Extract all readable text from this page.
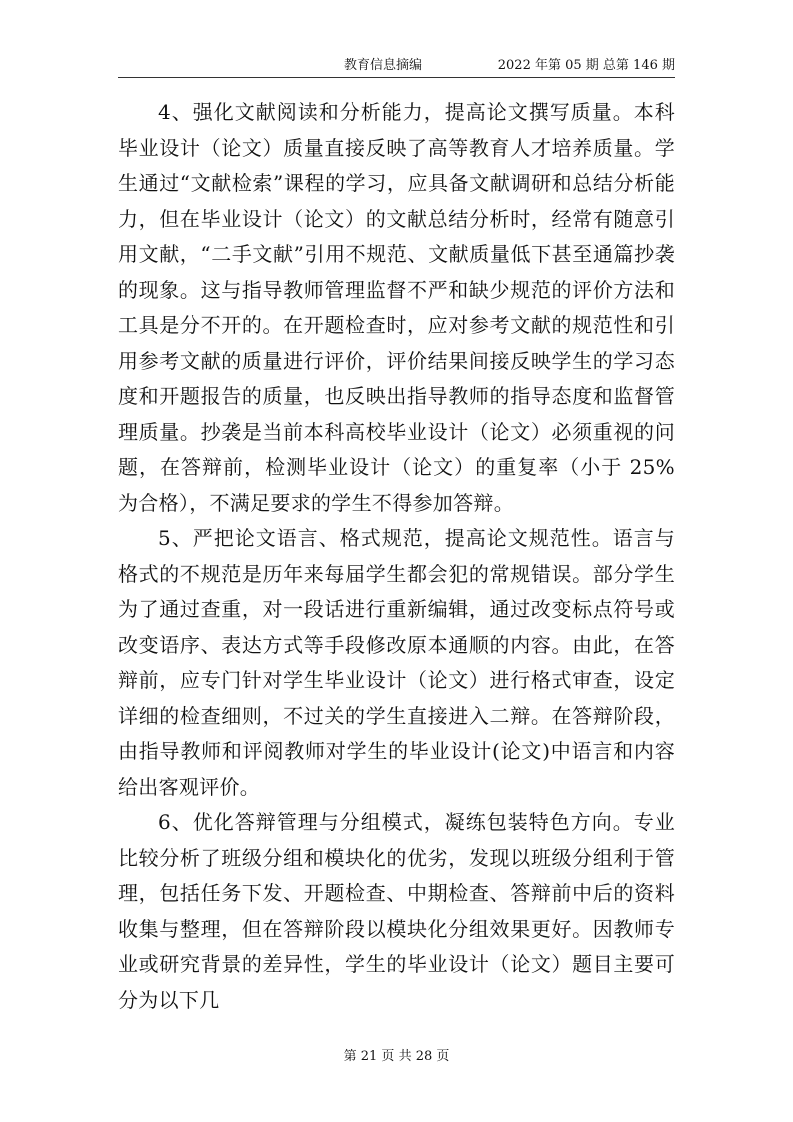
教育信息摘编	2022 年第 05 期 总第 146 期

4、强化文献阅读和分析能力，提高论文撰写质量。本科毕业设计（论文）质量直接反映了高等教育人才培养质量。学生通过“文献检索”课程的学习，应具备文献调研和总结分析能力，但在毕业设计（论文）的文献总结分析时，经常有随意引用文献，“二手文献”引用不规范、文献质量低下甚至通篇抄袭的现象。这与指导教师管理监督不严和缺少规范的评价方法和工具是分不开的。在开题检查时，应对参考文献的规范性和引用参考文献的质量进行评价，评价结果间接反映学生的学习态度和开题报告的质量，也反映出指导教师的指导态度和监督管理质量。抄袭是当前本科高校毕业设计（论文）必须重视的问题，在答辩前，检测毕业设计（论文）的重复率（小于 25%为合格），不满足要求的学生不得参加答辩。

5、严把论文语言、格式规范，提高论文规范性。语言与格式的不规范是历年来每届学生都会犯的常规错误。部分学生为了通过查重，对一段话进行重新编辑，通过改变标点符号或改变语序、表达方式等手段修改原本通顺的内容。由此，在答辩前，应专门针对学生毕业设计（论文）进行格式审查，设定详细的检查细则，不过关的学生直接进入二辩。在答辩阶段，由指导教师和评阅教师对学生的毕业设计(论文)中语言和内容给出客观评价。

6、优化答辩管理与分组模式，凝练包装特色方向。专业比较分析了班级分组和模块化的优劣，发现以班级分组利于管理，包括任务下发、开题检查、中期检查、答辩前中后的资料收集与整理，但在答辩阶段以模块化分组效果更好。因教师专业或研究背景的差异性，学生的毕业设计（论文）题目主要可分为以下几

第 21 页 共 28 页
